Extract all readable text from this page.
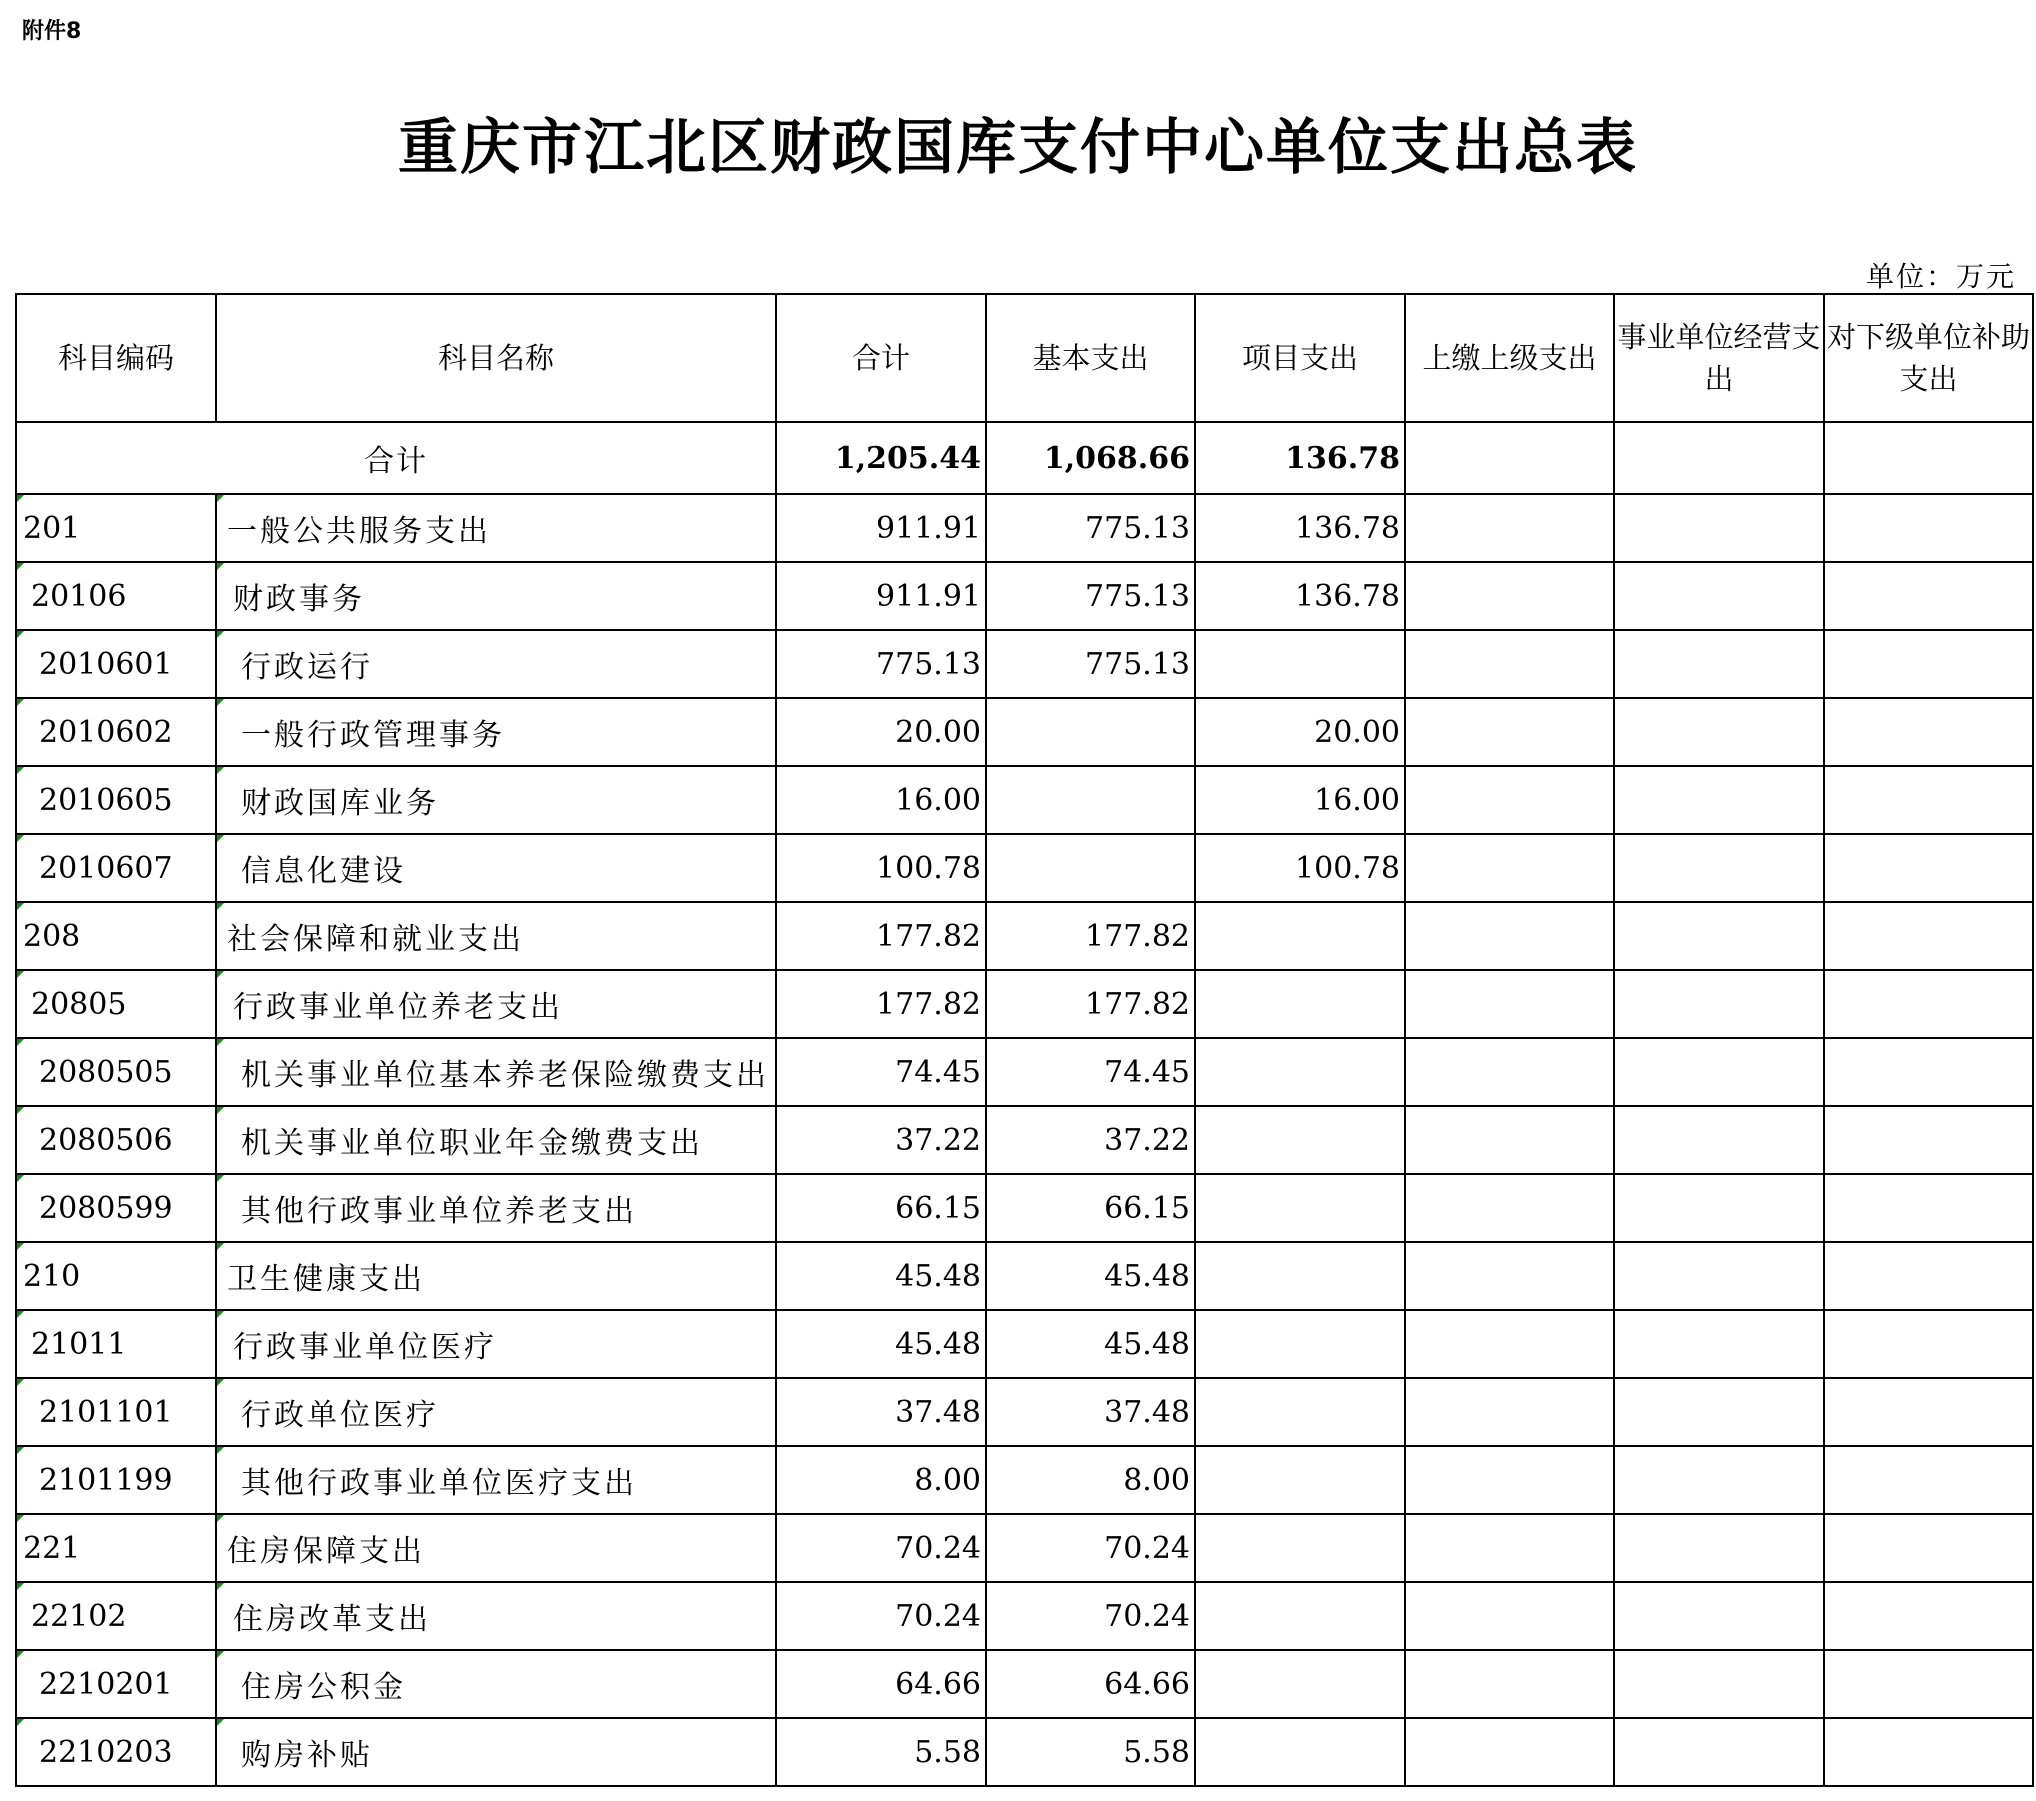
附件8
重庆市江北区财政国库支付中心单位支出总表
单位：万元
科目编码	科目名称	合计	基本支出	项目支出	上缴上级支出	事业单位经营支出	对下级单位补助支出
合计		1,205.44	1,068.66	136.78			
201	一般公共服务支出	911.91	775.13	136.78			
20106	财政事务	911.91	775.13	136.78			
2010601	行政运行	775.13	775.13				
2010602	一般行政管理事务	20.00		20.00			
2010605	财政国库业务	16.00		16.00			
2010607	信息化建设	100.78		100.78			
208	社会保障和就业支出	177.82	177.82				
20805	行政事业单位养老支出	177.82	177.82				
2080505	机关事业单位基本养老保险缴费支出	74.45	74.45				
2080506	机关事业单位职业年金缴费支出	37.22	37.22				
2080599	其他行政事业单位养老支出	66.15	66.15				
210	卫生健康支出	45.48	45.48				
21011	行政事业单位医疗	45.48	45.48				
2101101	行政单位医疗	37.48	37.48				
2101199	其他行政事业单位医疗支出	8.00	8.00				
221	住房保障支出	70.24	70.24				
22102	住房改革支出	70.24	70.24				
2210201	住房公积金	64.66	64.66				
2210203	购房补贴	5.58	5.58				
